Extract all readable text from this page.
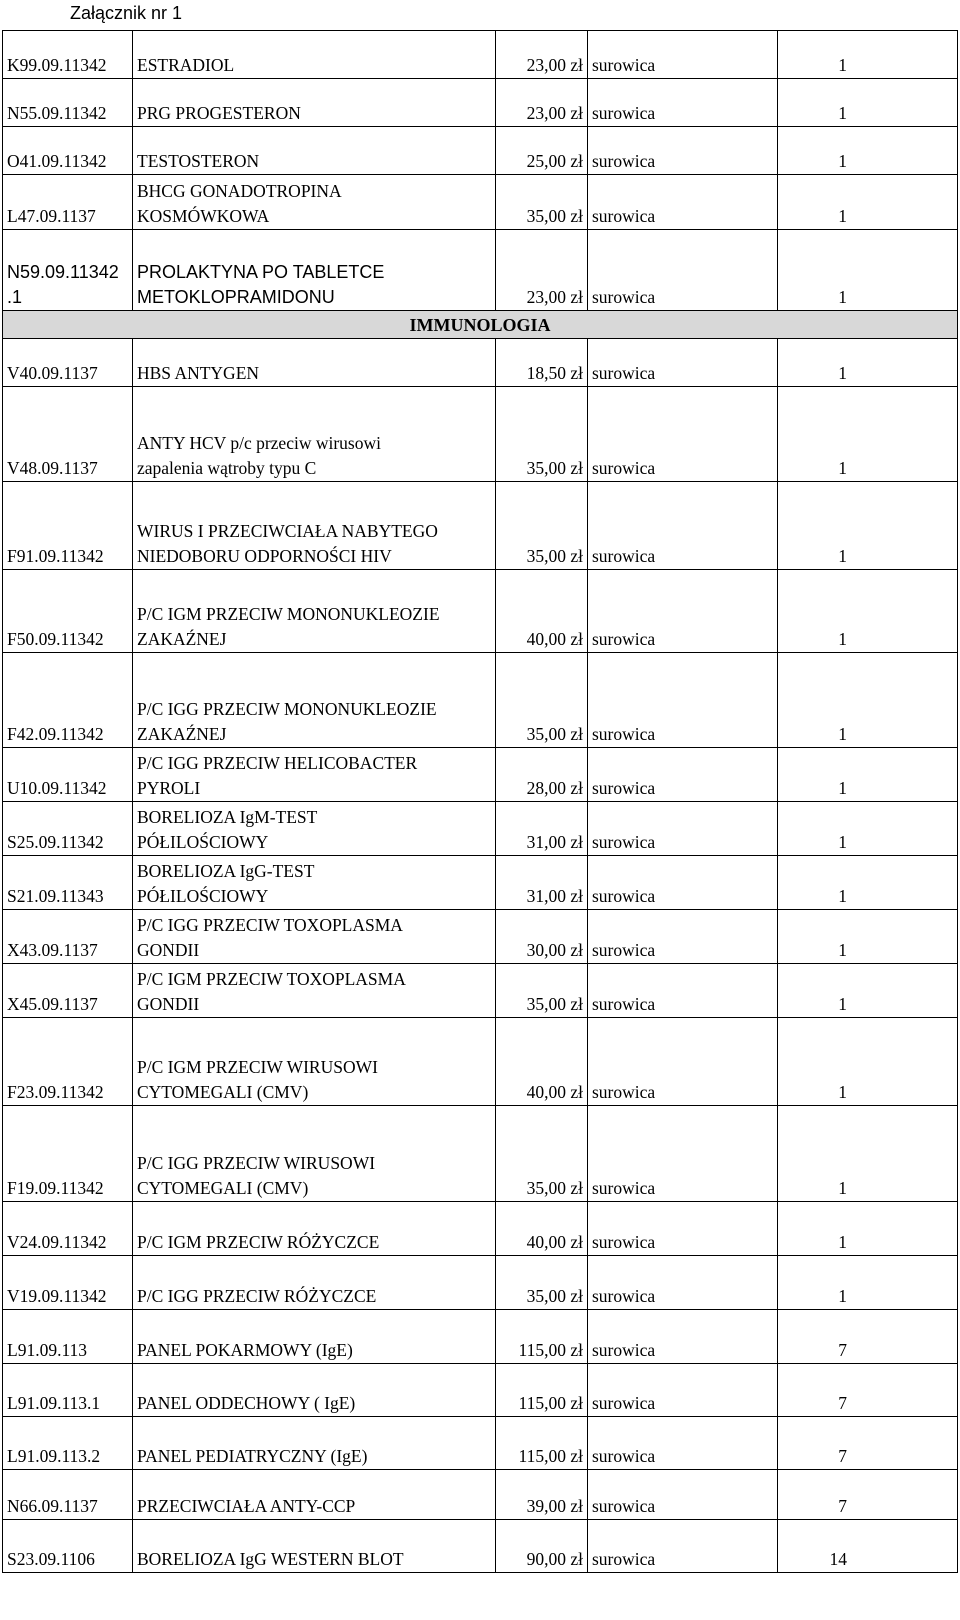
Załącznik nr 1
K99.09.11342	ESTRADIOL	23,00 zł	surowica	1
N55.09.11342	PRG PROGESTERON	23,00 zł	surowica	1
O41.09.11342	TESTOSTERON	25,00 zł	surowica	1
L47.09.1137	BHCG GONADOTROPINA
KOSMÓWKOWA	35,00 zł	surowica	1

N59.09.11342
.1	PROLAKTYNA PO TABLETCE
METOKLOPRAMIDONU	23,00 zł	surowica	1
IMMUNOLOGIA				
V40.09.1137	HBS ANTYGEN	18,50 zł	surowica	1
V48.09.1137	ANTY HCV p/c przeciw wirusowi
zapalenia wątroby typu C	35,00 zł	surowica	1
F91.09.11342	WIRUS I PRZECIWCIAŁA NABYTEGO
NIEDOBORU ODPORNOŚCI HIV	35,00 zł	surowica	1
F50.09.11342	P/C IGM PRZECIW MONONUKLEOZIE
ZAKAŹNEJ	40,00 zł	surowica	1
F42.09.11342	P/C IGG PRZECIW MONONUKLEOZIE
ZAKAŹNEJ	35,00 zł	surowica	1
U10.09.11342	P/C IGG PRZECIW HELICOBACTER
PYROLI	28,00 zł	surowica	1
S25.09.11342	BORELIOZA IgM-TEST
PÓŁILOŚCIOWY	31,00 zł	surowica	1
S21.09.11343	BORELIOZA IgG-TEST
PÓŁILOŚCIOWY	31,00 zł	surowica	1
X43.09.1137	P/C IGG PRZECIW TOXOPLASMA
GONDII	30,00 zł	surowica	1
X45.09.1137	P/C IGM PRZECIW TOXOPLASMA
GONDII	35,00 zł	surowica	1
F23.09.11342	P/C IGM PRZECIW WIRUSOWI
CYTOMEGALI (CMV)	40,00 zł	surowica	1
F19.09.11342	P/C IGG PRZECIW WIRUSOWI
CYTOMEGALI (CMV)	35,00 zł	surowica	1
V24.09.11342	P/C IGM PRZECIW RÓŻYCZCE	40,00 zł	surowica	1
V19.09.11342	P/C IGG PRZECIW RÓŻYCZCE	35,00 zł	surowica	1
L91.09.113	PANEL POKARMOWY (IgE)	115,00 zł	surowica	7
L91.09.113.1	PANEL ODDECHOWY ( IgE)	115,00 zł	surowica	7
L91.09.113.2	PANEL PEDIATRYCZNY (IgE)	115,00 zł	surowica	7
N66.09.1137	PRZECIWCIAŁA ANTY-CCP	39,00 zł	surowica	7
S23.09.1106	BORELIOZA IgG WESTERN BLOT	90,00 zł	surowica	14
